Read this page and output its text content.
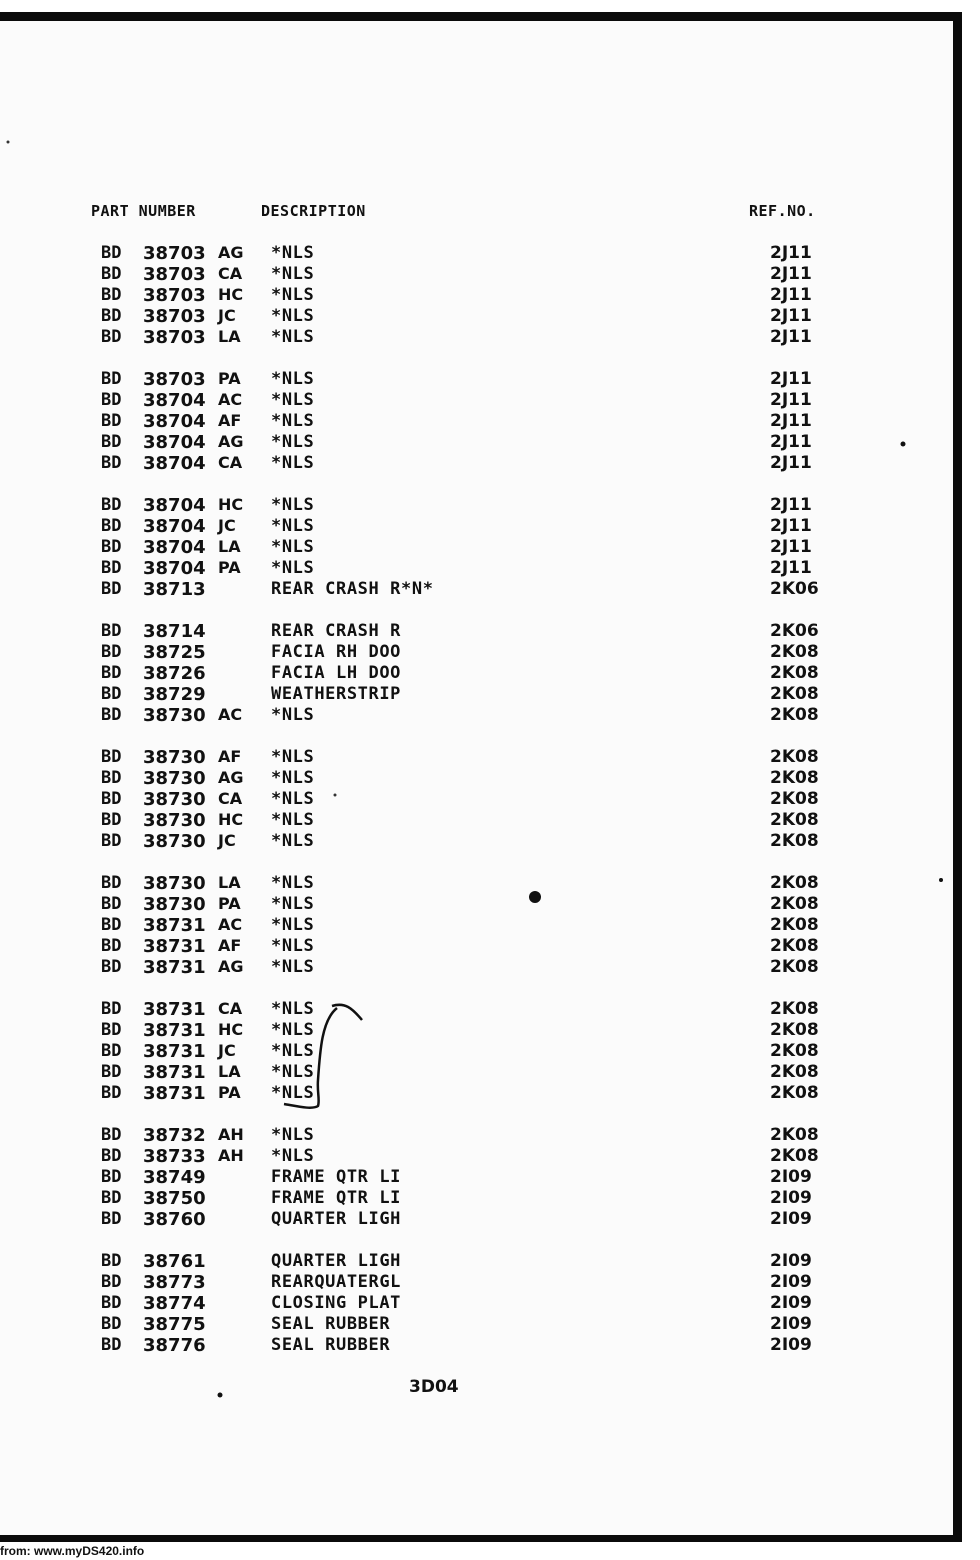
PART NUMBER	DESCRIPTION	REF.NO.
BD 38703 AG *NLS	2J11
BD 38703 CA *NLS	2J11
BD 38703 HC *NLS	2J11
BD 38703 JC *NLS	2J11
BD 38703 LA *NLS	2J11
BD 38703 PA *NLS	2J11
BD 38704 AC *NLS	2J11
BD 38704 AF *NLS	2J11
BD 38704 AG *NLS	2J11
BD 38704 CA *NLS	2J11
BD 38704 HC *NLS	2J11
BD 38704 JC *NLS	2J11
BD 38704 LA *NLS	2J11
BD 38704 PA *NLS	2J11
BD 38713	REAR CRASH R*N*	2K06
BD 38714	REAR CRASH R	2K06
BD 38725	FACIA RH DOO	2K08
BD 38726	FACIA LH DOO	2K08
BD 38729	WEATHERSTRIP	2K08
BD 38730 AC *NLS	2K08
BD 38730 AF *NLS	2K08
BD 38730 AG *NLS	2K08
BD 38730 CA *NLS	2K08
BD 38730 HC *NLS	2K08
BD 38730 JC *NLS	2K08
BD 38730 LA *NLS	2K08
BD 38730 PA *NLS	2K08
BD 38731 AC *NLS	2K08
BD 38731 AF *NLS	2K08
BD 38731 AG *NLS	2K08
BD 38731 CA *NLS	2K08
BD 38731 HC *NLS	2K08
BD 38731 JC *NLS	2K08
BD 38731 LA *NLS	2K08
BD 38731 PA *NLS	2K08
BD 38732 AH *NLS	2K08
BD 38733 AH *NLS	2K08
BD 38749	FRAME QTR LI	2I09
BD 38750	FRAME QTR LI	2I09
BD 38760	QUARTER LIGH	2I09
BD 38761	QUARTER LIGH	2I09
BD 38773	REARQUATERGL	2I09
BD 38774	CLOSING PLAT	2I09
BD 38775	SEAL RUBBER	2I09
BD 38776	SEAL RUBBER	2I09
3D04
from: www.myDS420.info
